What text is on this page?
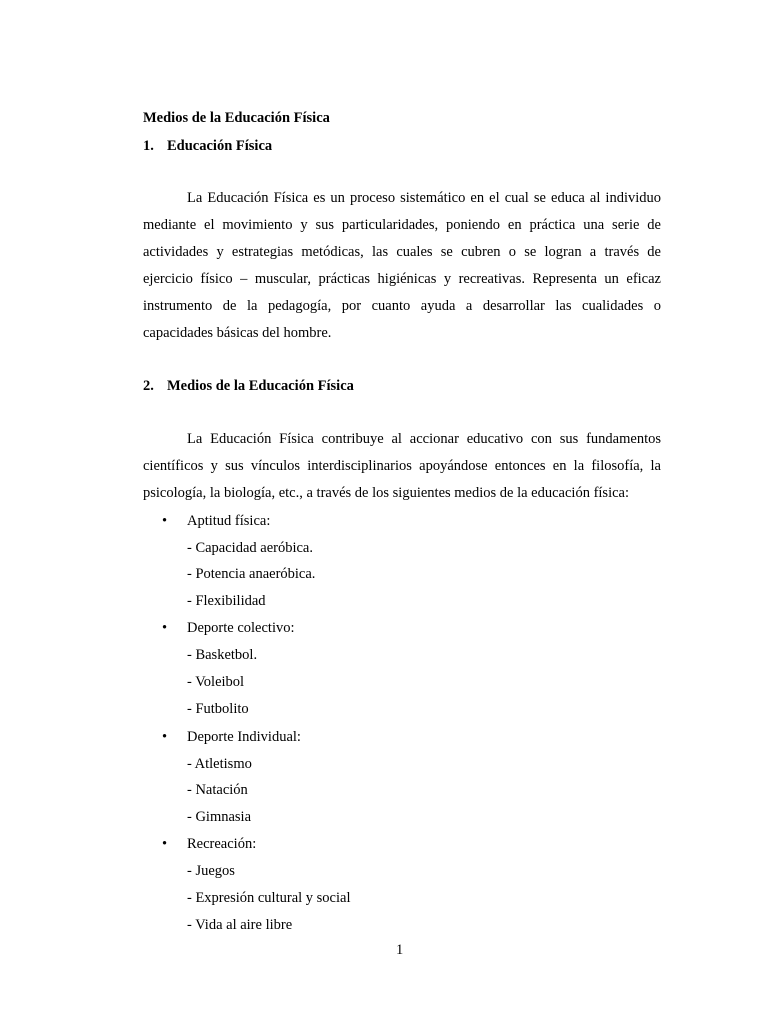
Medios de la Educación Física
1. Educación Física
La Educación Física es un proceso sistemático en el cual se educa al individuo
mediante el movimiento y sus particularidades, poniendo en práctica una serie de
actividades y estrategias metódicas, las cuales se cubren o se logran a través de
ejercicio físico – muscular, prácticas higiénicas y recreativas. Representa un eficaz
instrumento de la pedagogía, por cuanto ayuda a desarrollar las cualidades o
capacidades básicas del hombre.
2. Medios de la Educación Física
La Educación Física contribuye al accionar educativo con sus fundamentos
científicos y sus vínculos interdisciplinarios apoyándose entonces en la filosofía, la
psicología, la biología, etc., a través de los siguientes medios de la educación física:
• Aptitud física:
- Capacidad aeróbica.
- Potencia anaeróbica.
- Flexibilidad
• Deporte colectivo:
- Basketbol.
- Voleibol
- Futbolito
• Deporte Individual:
- Atletismo
- Natación
- Gimnasia
• Recreación:
- Juegos
- Expresión cultural y social
- Vida al aire libre
1
